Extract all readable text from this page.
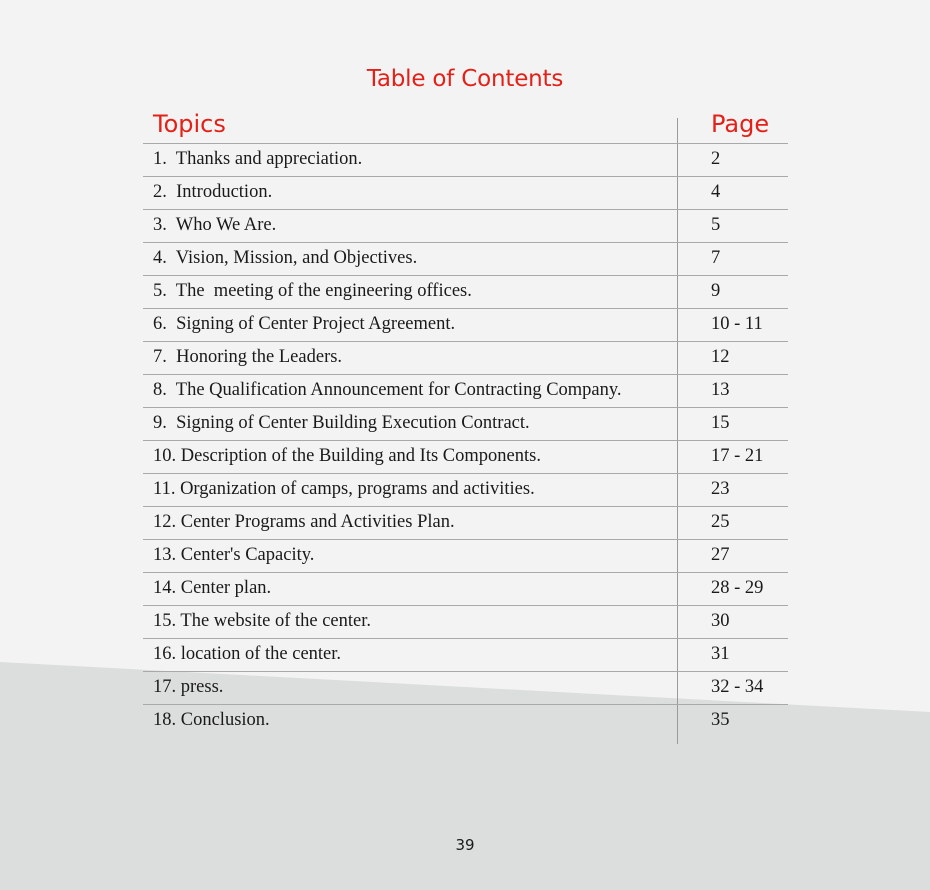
Table of Contents
Topics	Page
1.  Thanks and appreciation.	2
2.  Introduction.	4
3.  Who We Are.	5
4.  Vision, Mission, and Objectives.	7
5.  The  meeting of the engineering offices.	9
6.  Signing of Center Project Agreement.	10 - 11
7.  Honoring the Leaders.	12
8.  The Qualification Announcement for Contracting Company.	13
9.  Signing of Center Building Execution Contract.	15
10. Description of the Building and Its Components.	17 - 21
11. Organization of camps, programs and activities.	23
12. Center Programs and Activities Plan.	25
13. Center's Capacity.	27
14. Center plan.	28 - 29
15. The website of the center.	30
16. location of the center.	31
17. press.	32 - 34
18. Conclusion.	35
39
